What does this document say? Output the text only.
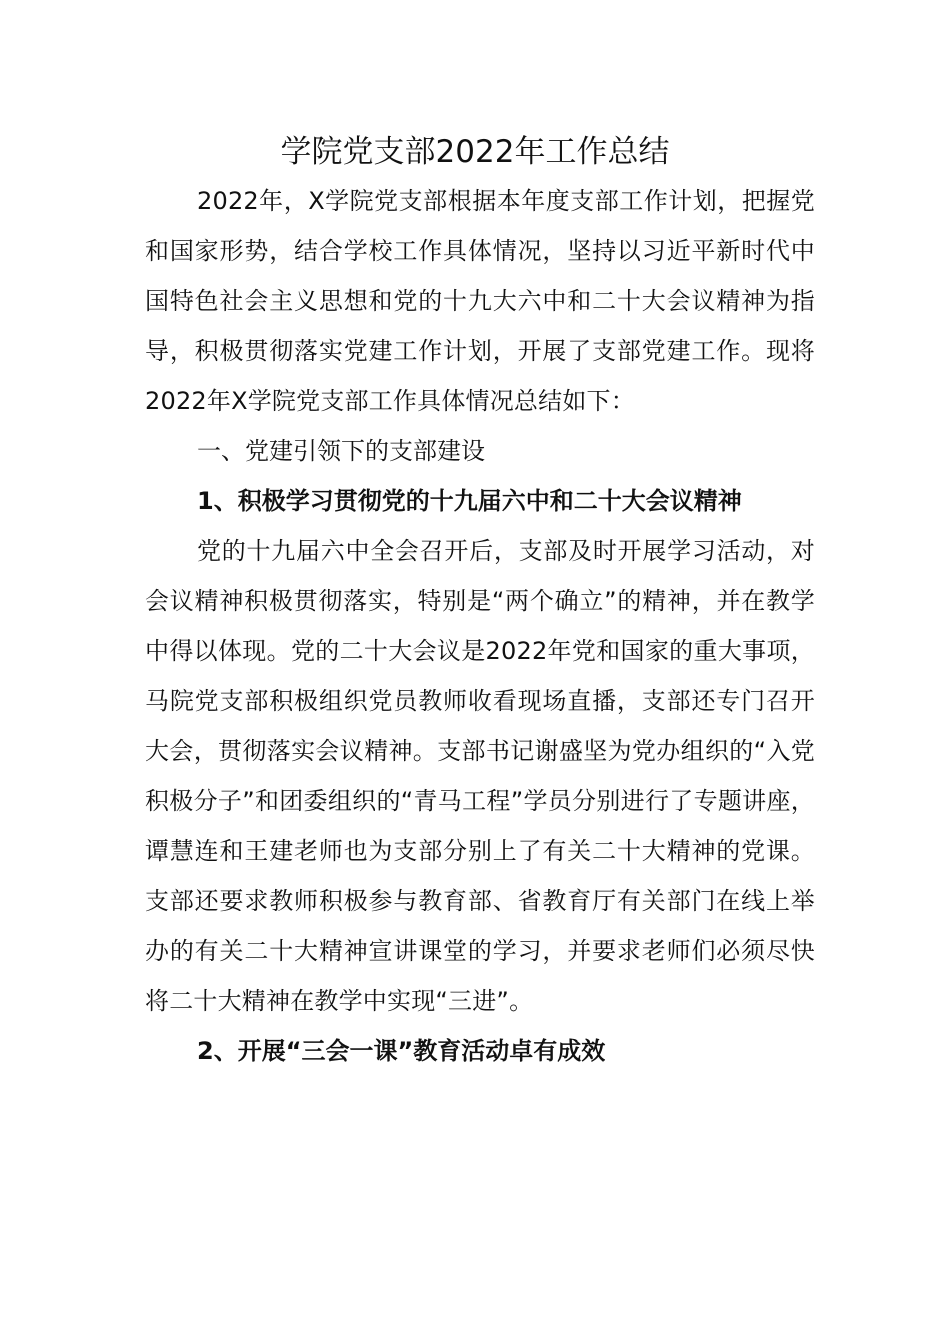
学院党支部2022年工作总结

2022年，X学院党支部根据本年度支部工作计划，把握党和国家形势，结合学校工作具体情况，坚持以习近平新时代中国特色社会主义思想和党的十九大六中和二十大会议精神为指导，积极贯彻落实党建工作计划，开展了支部党建工作。现将2022年X学院党支部工作具体情况总结如下：

一、党建引领下的支部建设

1、积极学习贯彻党的十九届六中和二十大会议精神

党的十九届六中全会召开后，支部及时开展学习活动，对会议精神积极贯彻落实，特别是“两个确立”的精神，并在教学中得以体现。党的二十大会议是2022年党和国家的重大事项，马院党支部积极组织党员教师收看现场直播，支部还专门召开大会，贯彻落实会议精神。支部书记谢盛坚为党办组织的“入党积极分子”和团委组织的“青马工程”学员分别进行了专题讲座，谭慧连和王建老师也为支部分别上了有关二十大精神的党课。支部还要求教师积极参与教育部、省教育厅有关部门在线上举办的有关二十大精神宣讲课堂的学习，并要求老师们必须尽快将二十大精神在教学中实现“三进”。

2、开展“三会一课”教育活动卓有成效
